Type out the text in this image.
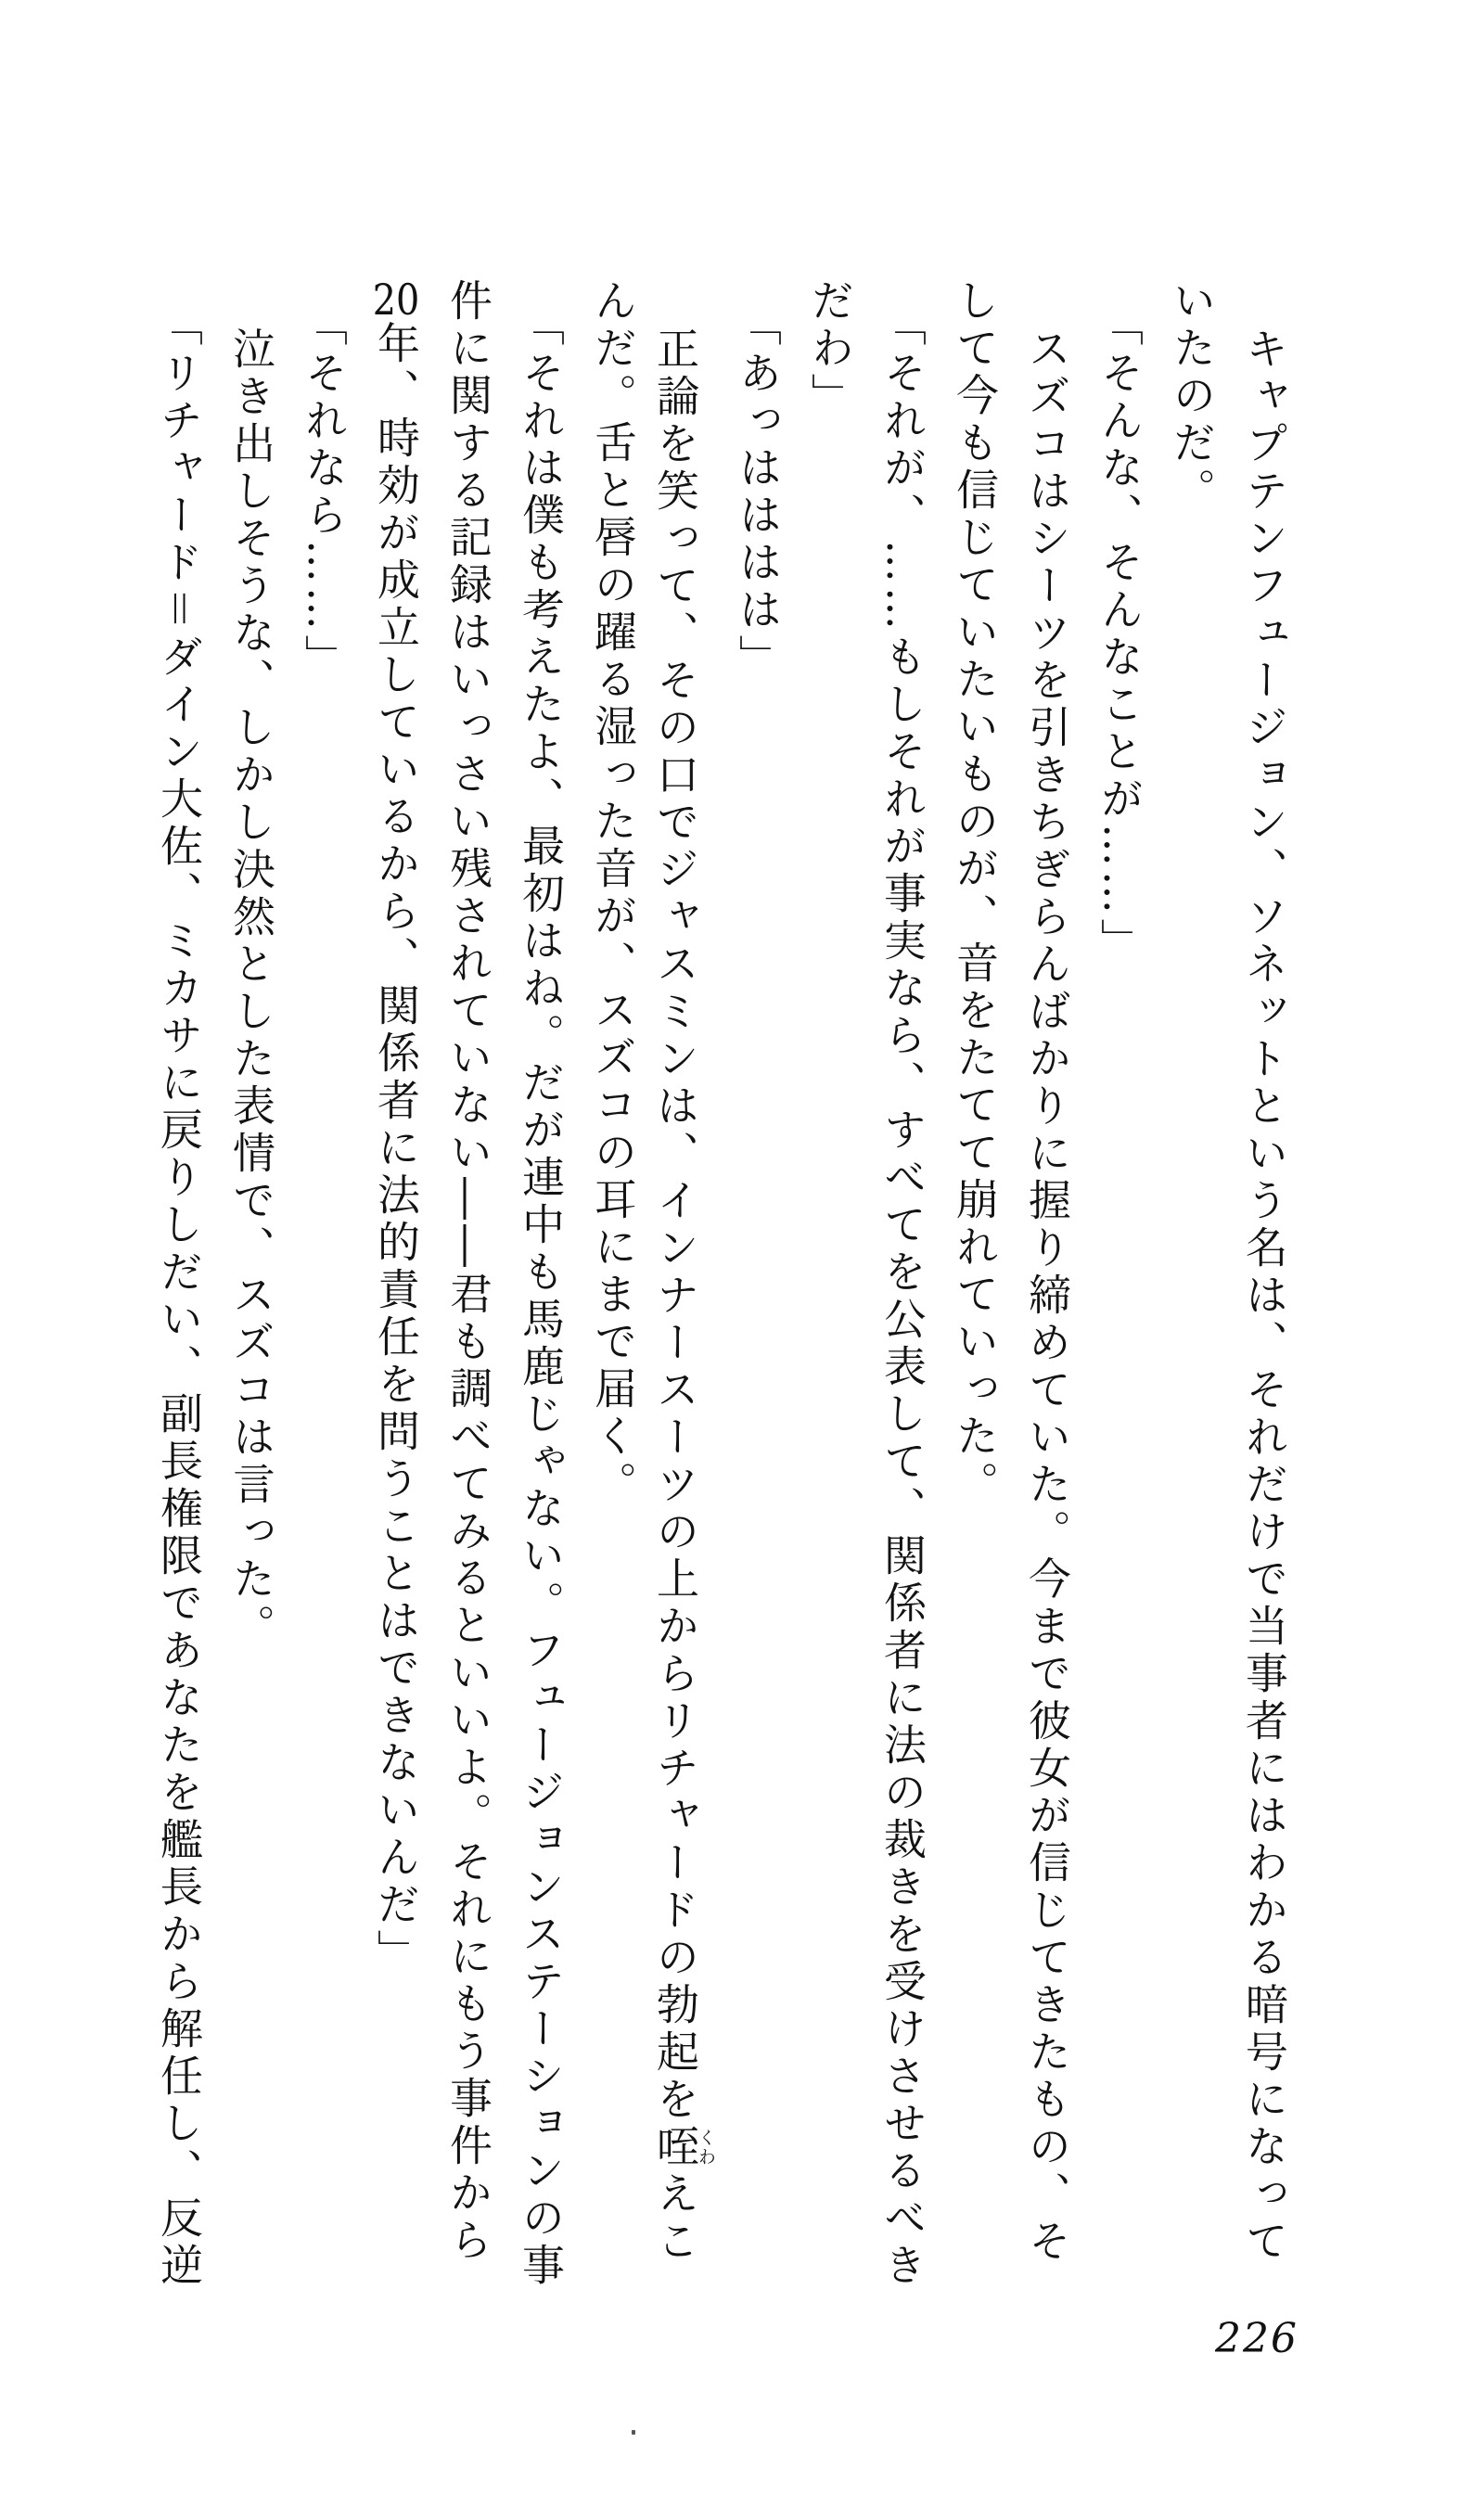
キャプテンフュージョン、ソネットという名は、それだけで当事者にはわかる暗号になって
いたのだ。
「そんな、そんなことが……」
スズコはシーツを引きちぎらんばかりに握り締めていた。今まで彼女が信じてきたもの、そ
して今も信じていたいものが、音をたてて崩れていった。
「それが、……もしそれが事実なら、すべてを公表して、関係者に法の裁きを受けさせるべき
だわ」
「あっはははは」
正論を笑って、その口でジャスミンは、インナースーツの上からリチャードの勃起を咥くわえこ
んだ。舌と唇の躍る湿った音が、スズコの耳にまで届く。
「それは僕も考えたよ、最初はね。だが連中も馬鹿じゃない。フュージョンステーションの事
件に関する記録はいっさい残されていない――君も調べてみるといいよ。それにもう事件から
20年、時効が成立しているから、関係者に法的責任を問うことはできないんだ」
「それなら……」
泣き出しそうな、しかし決然とした表情で、スズコは言った。
「リチャード＝ダイン大佐、ミカサに戻りしだい、副長権限であなたを艦長から解任し、反逆
226
